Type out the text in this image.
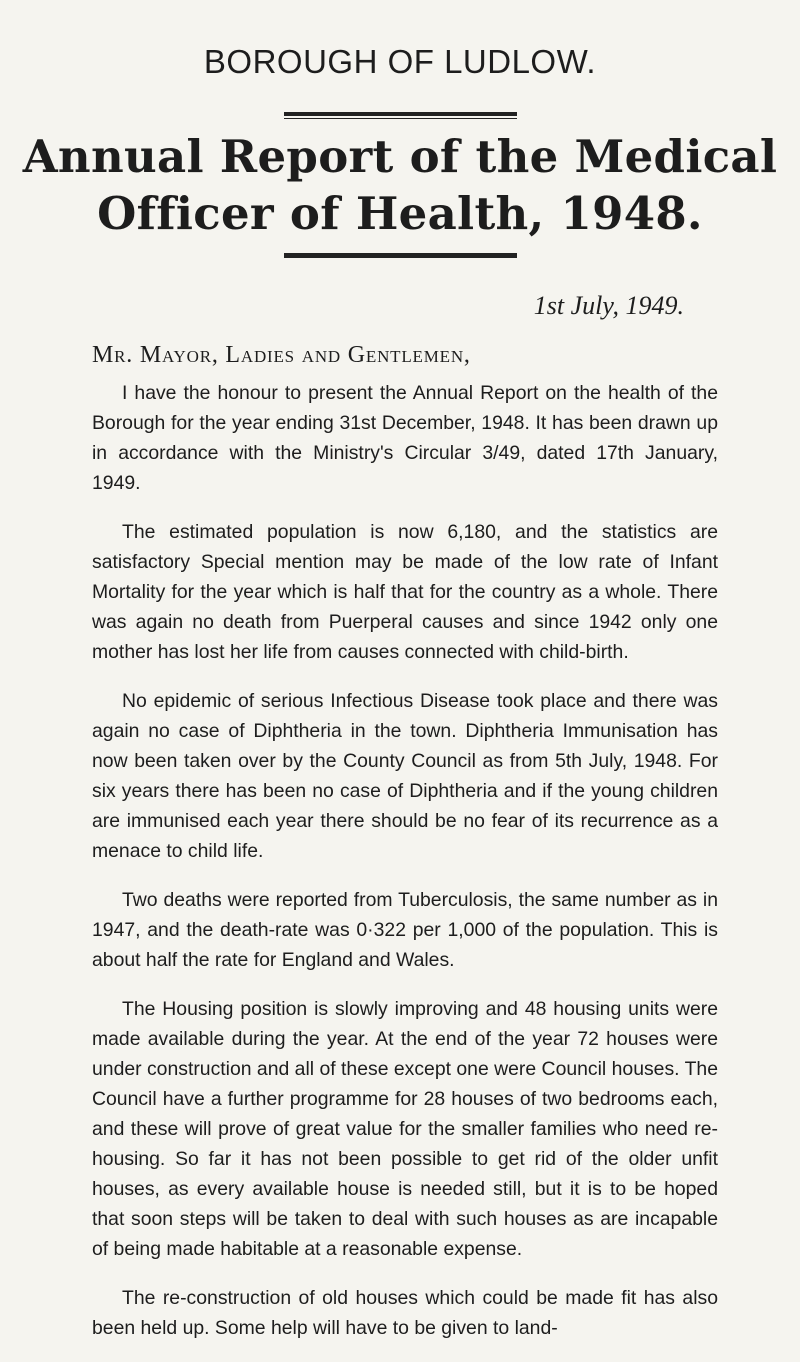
BOROUGH OF LUDLOW.
Annual Report of the Medical
Officer of Health, 1948.
1st July, 1949.
Mr. Mayor, Ladies and Gentlemen,

I have the honour to present the Annual Report on the health of the Borough for the year ending 31st December, 1948. It has been drawn up in accordance with the Ministry's Circular 3/49, dated 17th January, 1949.

The estimated population is now 6,180, and the statistics are satisfactory Special mention may be made of the low rate of Infant Mortality for the year which is half that for the country as a whole. There was again no death from Puerperal causes and since 1942 only one mother has lost her life from causes connected with child-birth.

No epidemic of serious Infectious Disease took place and there was again no case of Diphtheria in the town. Diphtheria Immunisation has now been taken over by the County Council as from 5th July, 1948. For six years there has been no case of Diphtheria and if the young children are immunised each year there should be no fear of its recurrence as a menace to child life.

Two deaths were reported from Tuberculosis, the same number as in 1947, and the death-rate was 0·322 per 1,000 of the population. This is about half the rate for England and Wales.

The Housing position is slowly improving and 48 housing units were made available during the year. At the end of the year 72 houses were under construction and all of these except one were Council houses. The Council have a further programme for 28 houses of two bedrooms each, and these will prove of great value for the smaller families who need re-housing. So far it has not been possible to get rid of the older unfit houses, as every available house is needed still, but it is to be hoped that soon steps will be taken to deal with such houses as are incapable of being made habitable at a reasonable expense.

The re-construction of old houses which could be made fit has also been held up. Some help will have to be given to land-
